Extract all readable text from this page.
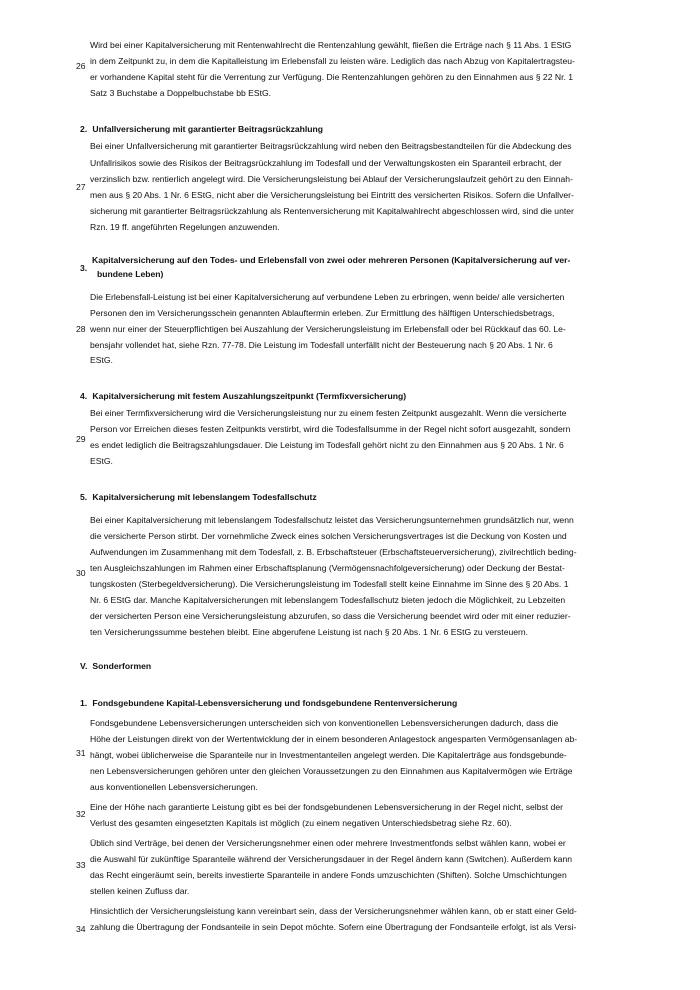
26
Wird bei einer Kapitalversicherung mit Rentenwahlrecht die Rentenzahlung gewählt, fließen die Erträge nach § 11 Abs. 1 EStG
in dem Zeitpunkt zu, in dem die Kapitalleistung im Erlebensfall zu leisten wäre. Lediglich das nach Abzug von Kapitalertragsteu-
er vorhandene Kapital steht für die Verrentung zur Verfügung. Die Rentenzahlungen gehören zu den Einnahmen aus § 22 Nr. 1
Satz 3 Buchstabe a Doppelbuchstabe bb EStG.
2. Unfallversicherung mit garantierter Beitragsrückzahlung
27
Bei einer Unfallversicherung mit garantierter Beitragsrückzahlung wird neben den Beitragsbestandteilen für die Abdeckung des
Unfallrisikos sowie des Risikos der Beitragsrückzahlung im Todesfall und der Verwaltungskosten ein Sparanteil erbracht, der
verzinslich bzw. rentierlich angelegt wird. Die Versicherungsleistung bei Ablauf der Versicherungslaufzeit gehört zu den Einnah-
men aus § 20 Abs. 1 Nr. 6 EStG, nicht aber die Versicherungsleistung bei Eintritt des versicherten Risikos. Sofern die Unfallver-
sicherung mit garantierter Beitragsrückzahlung als Rentenversicherung mit Kapitalwahlrecht abgeschlossen wird, sind die unter
Rzn. 19 ff. angeführten Regelungen anzuwenden.
3.
Kapitalversicherung auf den Todes- und Erlebensfall von zwei oder mehreren Personen (Kapitalversicherung auf ver-
bundene Leben)
28
Die Erlebensfall-Leistung ist bei einer Kapitalversicherung auf verbundene Leben zu erbringen, wenn beide/ alle versicherten
Personen den im Versicherungsschein genannten Ablauftermin erleben. Zur Ermittlung des hälftigen Unterschiedsbetrags,
wenn nur einer der Steuerpflichtigen bei Auszahlung der Versicherungsleistung im Erlebensfall oder bei Rückkauf das 60. Le-
bensjahr vollendet hat, siehe Rzn. 77-78. Die Leistung im Todesfall unterfällt nicht der Besteuerung nach § 20 Abs. 1 Nr. 6
EStG.
4. Kapitalversicherung mit festem Auszahlungszeitpunkt (Termfixversicherung)
29
Bei einer Termfixversicherung wird die Versicherungsleistung nur zu einem festen Zeitpunkt ausgezahlt. Wenn die versicherte
Person vor Erreichen dieses festen Zeitpunkts verstirbt, wird die Todesfallsumme in der Regel nicht sofort ausgezahlt, sondern
es endet lediglich die Beitragszahlungsdauer. Die Leistung im Todesfall gehört nicht zu den Einnahmen aus § 20 Abs. 1 Nr. 6
EStG.
5. Kapitalversicherung mit lebenslangem Todesfallschutz
30
Bei einer Kapitalversicherung mit lebenslangem Todesfallschutz leistet das Versicherungsunternehmen grundsätzlich nur, wenn
die versicherte Person stirbt. Der vornehmliche Zweck eines solchen Versicherungsvertrages ist die Deckung von Kosten und
Aufwendungen im Zusammenhang mit dem Todesfall, z. B. Erbschaftsteuer (Erbschaftsteuerversicherung), zivilrechtlich beding-
ten Ausgleichszahlungen im Rahmen einer Erbschaftsplanung (Vermögensnachfolgeversicherung) oder Deckung der Bestat-
tungskosten (Sterbegeldversicherung). Die Versicherungsleistung im Todesfall stellt keine Einnahme im Sinne des § 20 Abs. 1
Nr. 6 EStG dar. Manche Kapitalversicherungen mit lebenslangem Todesfallschutz bieten jedoch die Möglichkeit, zu Lebzeiten
der versicherten Person eine Versicherungsleistung abzurufen, so dass die Versicherung beendet wird oder mit einer reduzier-
ten Versicherungssumme bestehen bleibt. Eine abgerufene Leistung ist nach § 20 Abs. 1 Nr. 6 EStG zu versteuern.
V. Sonderformen
1. Fondsgebundene Kapital-Lebensversicherung und fondsgebundene Rentenversicherung
31
Fondsgebundene Lebensversicherungen unterscheiden sich von konventionellen Lebensversicherungen dadurch, dass die
Höhe der Leistungen direkt von der Wertentwicklung der in einem besonderen Anlagestock angesparten Vermögensanlagen ab-
hängt, wobei üblicherweise die Sparanteile nur in Investmentanteilen angelegt werden. Die Kapitalerträge aus fondsgebunde-
nen Lebensversicherungen gehören unter den gleichen Voraussetzungen zu den Einnahmen aus Kapitalvermögen wie Erträge
aus konventionellen Lebensversicherungen.
32
Eine der Höhe nach garantierte Leistung gibt es bei der fondsgebundenen Lebensversicherung in der Regel nicht, selbst der
Verlust des gesamten eingesetzten Kapitals ist möglich (zu einem negativen Unterschiedsbetrag siehe Rz. 60).
33
Üblich sind Verträge, bei denen der Versicherungsnehmer einen oder mehrere Investmentfonds selbst wählen kann, wobei er
die Auswahl für zukünftige Sparanteile während der Versicherungsdauer in der Regel ändern kann (Switchen). Außerdem kann
das Recht eingeräumt sein, bereits investierte Sparanteile in andere Fonds umzuschichten (Shiften). Solche Umschichtungen
stellen keinen Zufluss dar.
34
Hinsichtlich der Versicherungsleistung kann vereinbart sein, dass der Versicherungsnehmer wählen kann, ob er statt einer Geld-
zahlung die Übertragung der Fondsanteile in sein Depot möchte. Sofern eine Übertragung der Fondsanteile erfolgt, ist als Versi-
